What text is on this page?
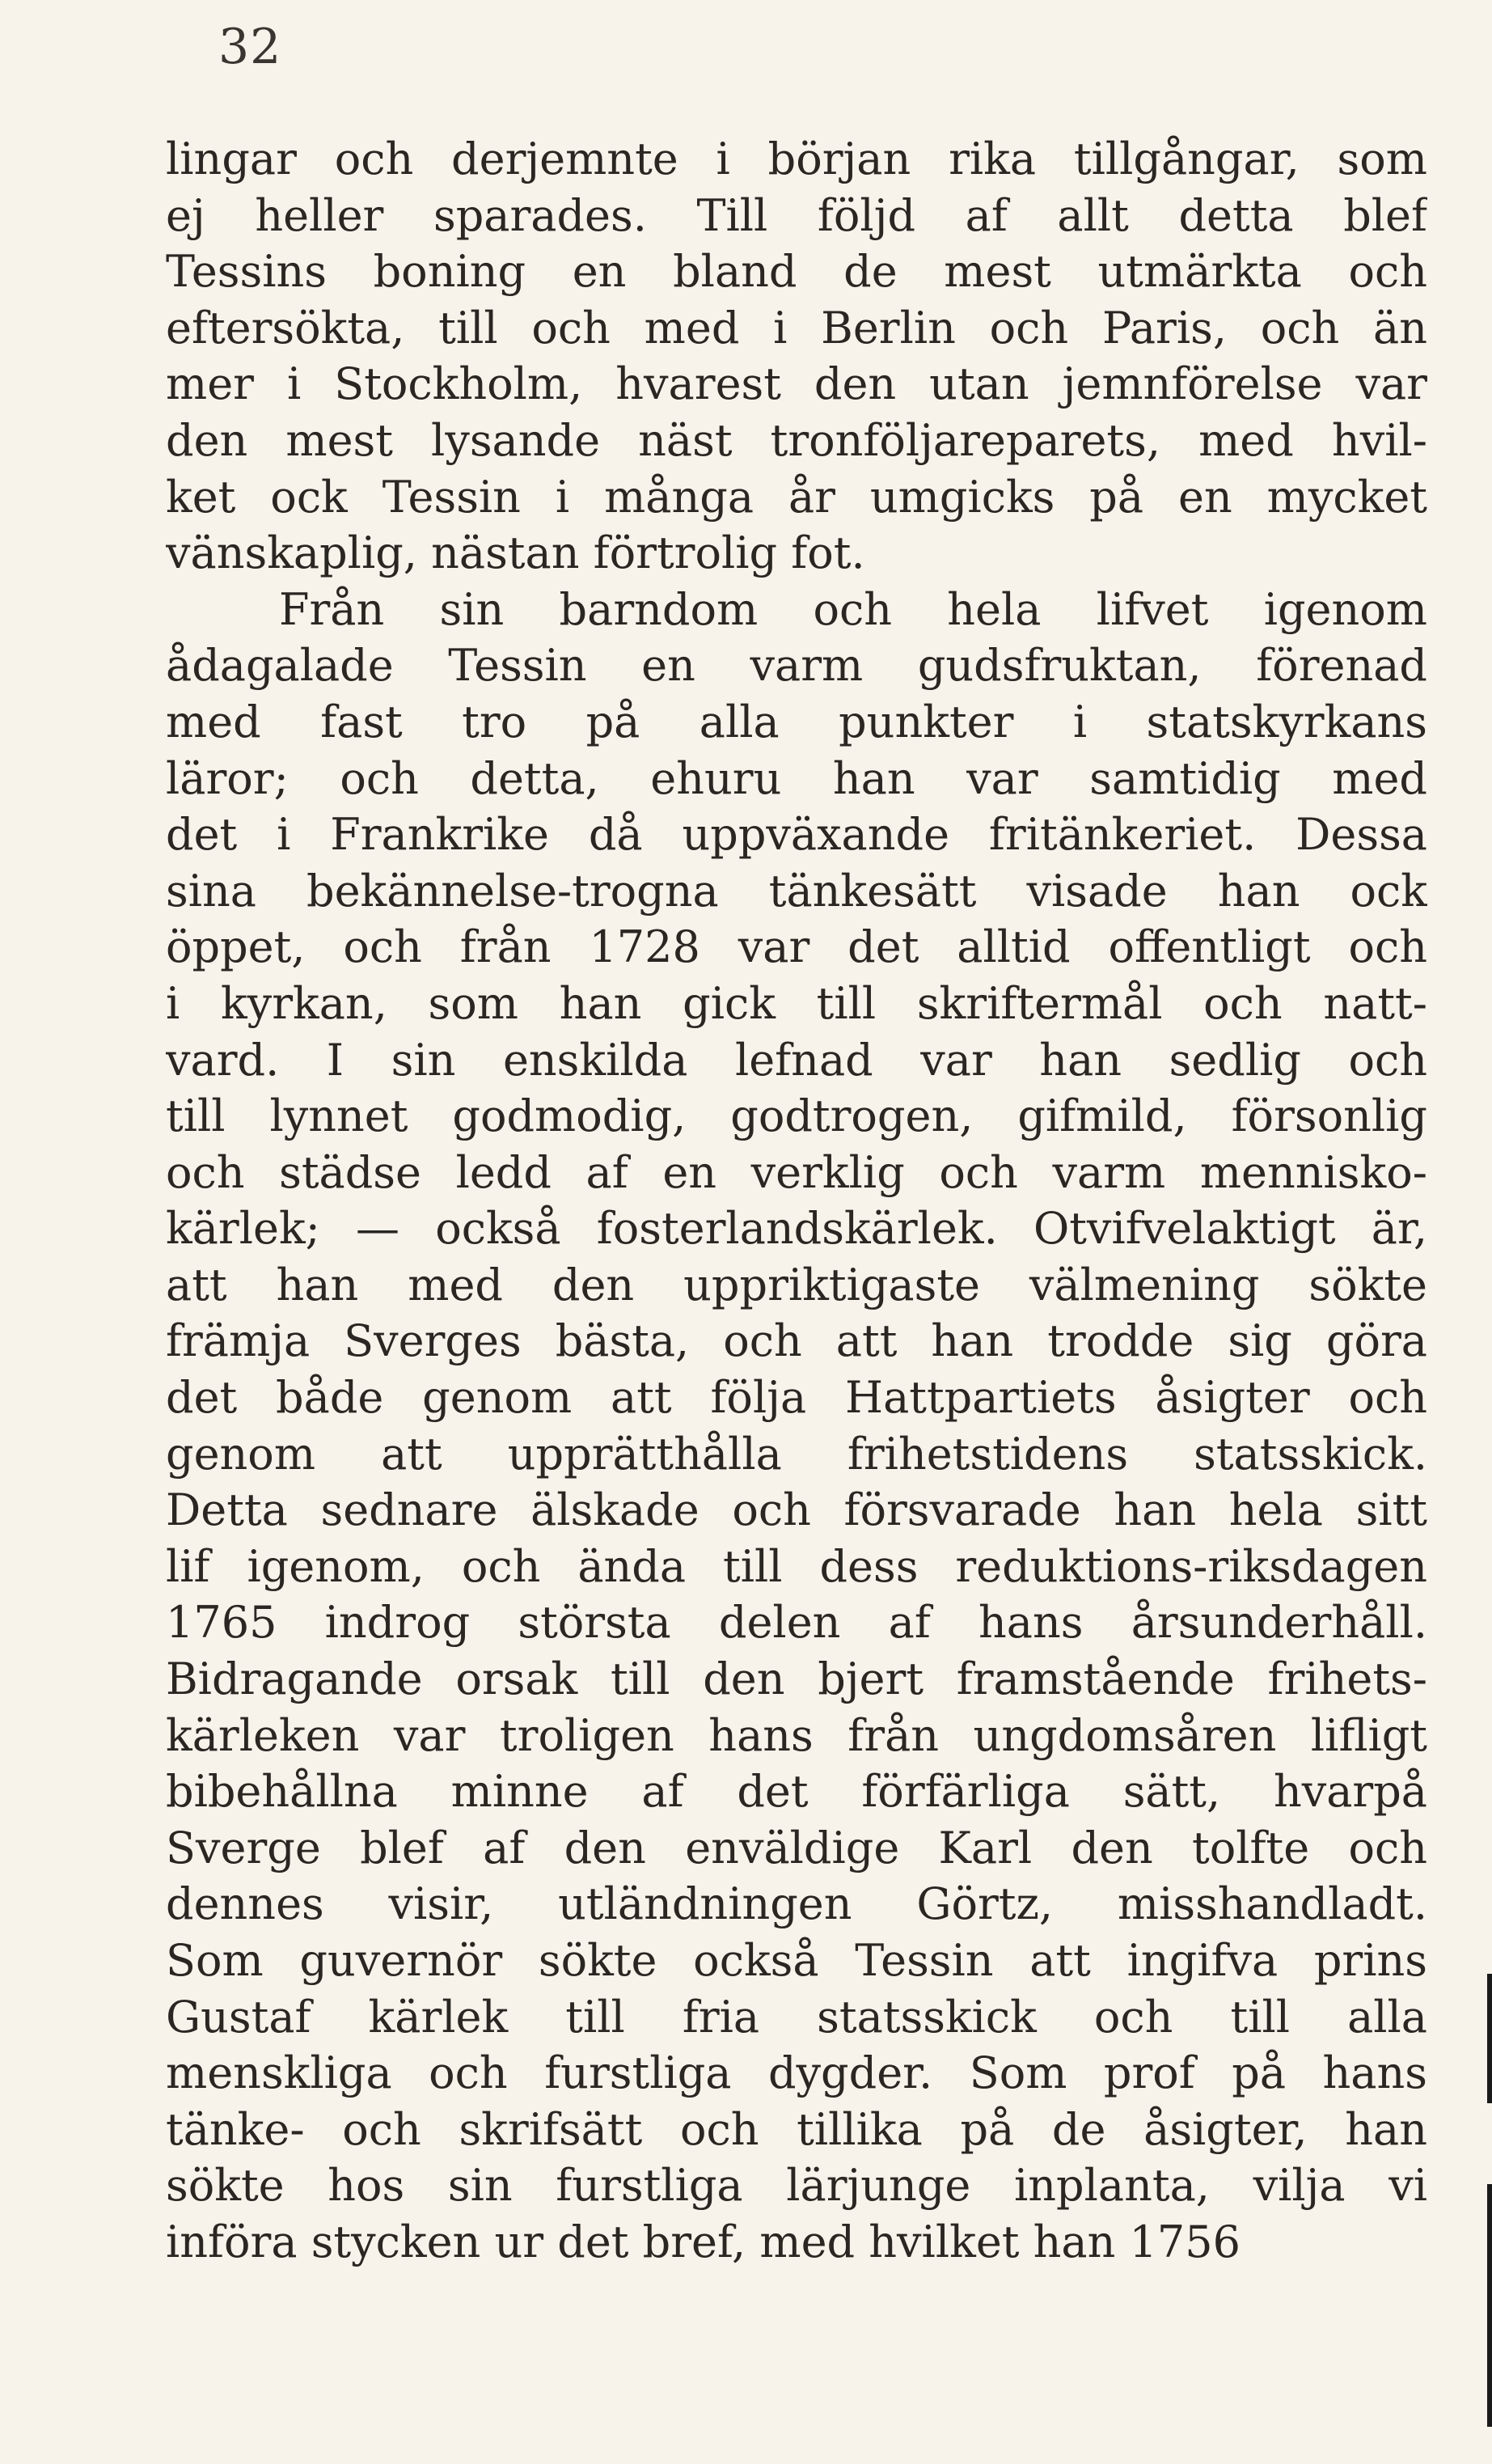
32
lingar och derjemnte i början rika tillgångar, som
ej heller sparades. Till följd af allt detta blef
Tessins boning en bland de mest utmärkta och
eftersökta, till och med i Berlin och Paris, och än
mer i Stockholm, hvarest den utan jemnförelse var
den mest lysande näst tronföljareparets, med hvil-
ket ock Tessin i många år umgicks på en mycket
vänskaplig, nästan förtrolig fot.
Från sin barndom och hela lifvet igenom
ådagalade Tessin en varm gudsfruktan, förenad
med fast tro på alla punkter i statskyrkans
läror; och detta, ehuru han var samtidig med
det i Frankrike då uppväxande fritänkeriet. Dessa
sina bekännelse-trogna tänkesätt visade han ock
öppet, och från 1728 var det alltid offentligt och
i kyrkan, som han gick till skriftermål och natt-
vard. I sin enskilda lefnad var han sedlig och
till lynnet godmodig, godtrogen, gifmild, försonlig
och städse ledd af en verklig och varm mennisko-
kärlek; — också fosterlandskärlek. Otvifvelaktigt är,
att han med den uppriktigaste välmening sökte
främja Sverges bästa, och att han trodde sig göra
det både genom att följa Hattpartiets åsigter och
genom att upprätthålla frihetstidens statsskick.
Detta sednare älskade och försvarade han hela sitt
lif igenom, och ända till dess reduktions-riksdagen
1765 indrog största delen af hans årsunderhåll.
Bidragande orsak till den bjert framstående frihets-
kärleken var troligen hans från ungdomsåren lifligt
bibehållna minne af det förfärliga sätt, hvarpå
Sverge blef af den enväldige Karl den tolfte och
dennes visir, utländningen Görtz, misshandladt.
Som guvernör sökte också Tessin att ingifva prins
Gustaf kärlek till fria statsskick och till alla
menskliga och furstliga dygder. Som prof på hans
tänke- och skrifsätt och tillika på de åsigter, han
sökte hos sin furstliga lärjunge inplanta, vilja vi
införa stycken ur det bref, med hvilket han 1756
